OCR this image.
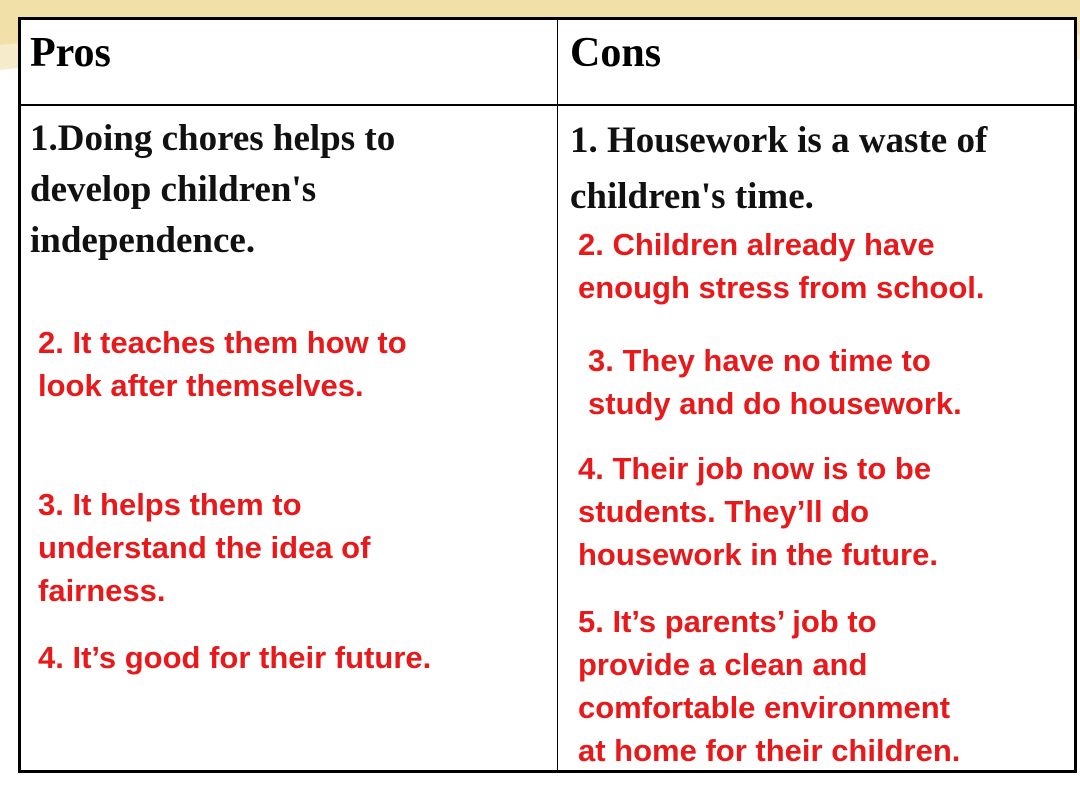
Pros	Cons
1.Doing chores helps to
develop children's
independence.
2. It teaches them how to
look after themselves.
3. It helps them to
understand the idea of
fairness.
4. It’s good for their future.
1. Housework is a waste of
children's time.
2. Children already have
enough stress from school.
3. They have no time to
study and do housework.
4. Their job now is to be
students. They’ll do
housework in the future.
5. It’s parents’ job to
provide a clean and
comfortable environment
at home for their children.
